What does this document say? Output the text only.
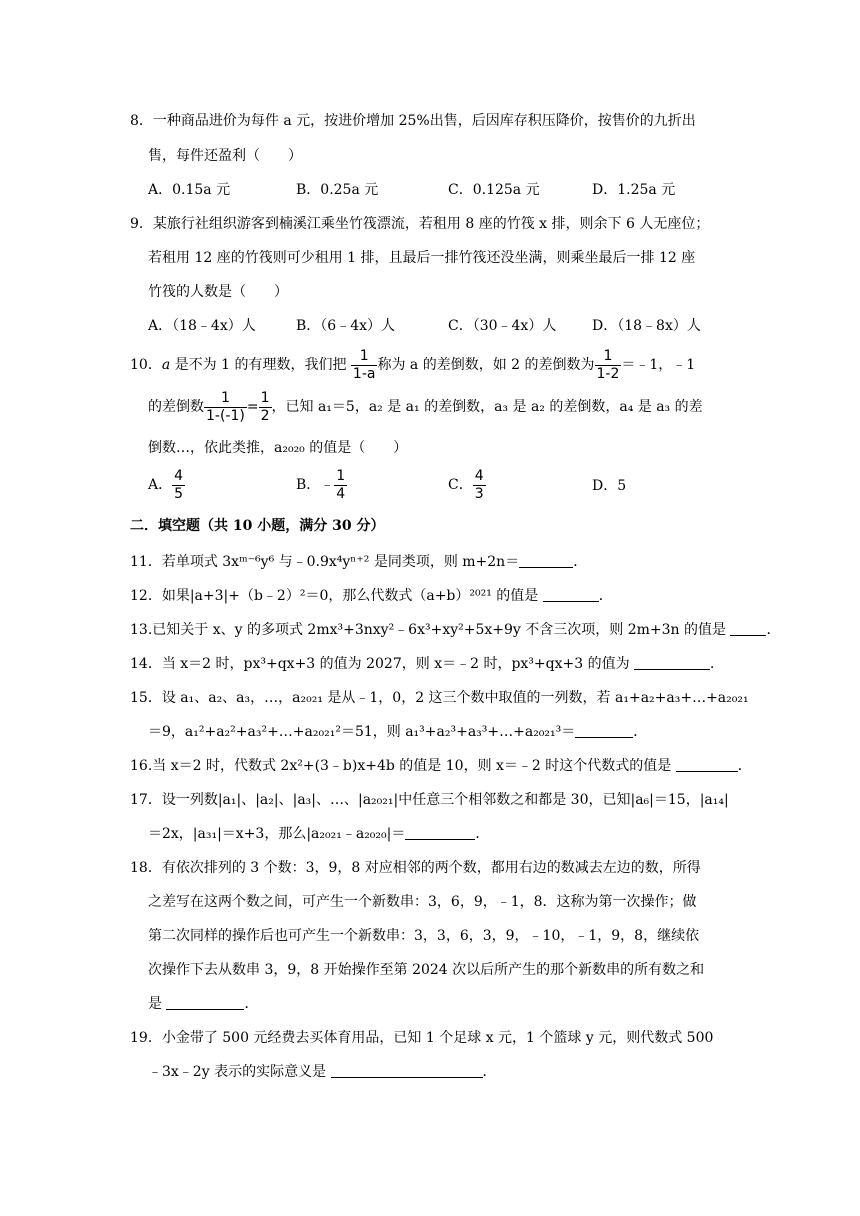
8．一种商品进价为每件 a 元，按进价增加 25%出售，后因库存积压降价，按售价的九折出
售，每件还盈利（　　）
A．0.15a 元	B．0.25a 元	C．0.125a 元	D．1.25a 元
9．某旅行社组织游客到楠溪江乘坐竹筏漂流，若租用 8 座的竹筏 x 排，则余下 6 人无座位；
若租用 12 座的竹筏则可少租用 1 排，且最后一排竹筏还没坐满，则乘坐最后一排 12 座
竹筏的人数是（　　）
A．（18﹣4x）人	B．（6﹣4x）人	C．（30﹣4x）人	D．（18﹣8x）人
10．a 是不为 1 的有理数，我们把 $\frac{1}{1-a}$ 称为 a 的差倒数，如 2 的差倒数为 $\frac{1}{1-2}$ ＝﹣1，﹣1
的差倒数 $\frac{1}{1-(-1)} = \frac{1}{2}$ ，已知 a₁＝5，a₂ 是 a₁ 的差倒数，a₃ 是 a₂ 的差倒数，a₄ 是 a₃ 的差
倒数…，依此类推，a₂₀₂₀ 的值是（　　）
A． $\frac{4}{5}$	B．﹣ $\frac{1}{4}$	C． $\frac{4}{3}$	D．5
二．填空题（共 10 小题，满分 30 分）
11．若单项式 3xᵐ⁻⁶y⁶ 与﹣0.9x⁴yⁿ⁺² 是同类项，则 m+2n＝	．
12．如果|a+3|+（b﹣2）²＝0，那么代数式（a+b）²⁰²¹ 的值是	．
13.已知关于 x、y 的多项式 2mx³+3nxy²﹣6x³+xy²+5x+9y 不含三次项，则 2m+3n 的值是	．
14．当 x＝2 时，px³+qx+3 的值为 2027，则 x＝﹣2 时，px³+qx+3 的值为	．
15．设 a₁、a₂、a₃，…，a₂₀₂₁ 是从﹣1，0，2 这三个数中取值的一列数，若 a₁+a₂+a₃+…+a₂₀₂₁
＝9，a₁²+a₂²+a₃²+…+a₂₀₂₁²＝51，则 a₁³+a₂³+a₃³+…+a₂₀₂₁³＝	．
16.当 x＝2 时，代数式 2x²+(3﹣b)x+4b 的值是 10，则 x＝﹣2 时这个代数式的值是	．
17．设一列数|a₁|、|a₂|、|a₃|、…、|a₂₀₂₁|中任意三个相邻数之和都是 30，已知|a₆|＝15，|a₁₄|
＝2x，|a₃₁|＝x+3，那么|a₂₀₂₁﹣a₂₀₂₀|＝	．
18．有依次排列的 3 个数：3，9，8 对应相邻的两个数，都用右边的数减去左边的数，所得
之差写在这两个数之间，可产生一个新数串：3，6，9，﹣1，8．这称为第一次操作；做
第二次同样的操作后也可产生一个新数串：3，3，6，3，9，﹣10，﹣1，9，8，继续依
次操作下去从数串 3，9，8 开始操作至第 2024 次以后所产生的那个新数串的所有数之和
是	．
19．小金带了 500 元经费去买体育用品，已知 1 个足球 x 元，1 个篮球 y 元，则代数式 500
﹣3x﹣2y 表示的实际意义是	．
